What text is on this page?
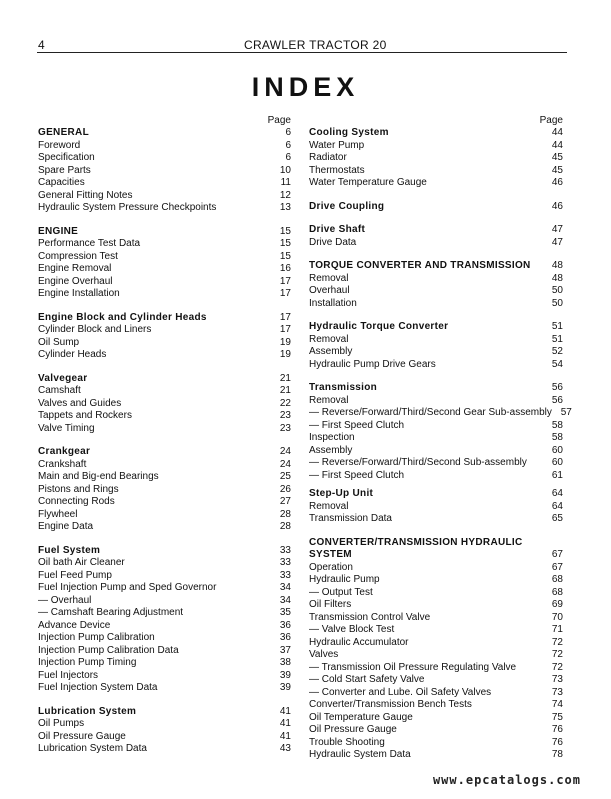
4	CRAWLER TRACTOR 20
INDEX
Page
GENERAL	6
Foreword	6
Specification	6
Spare Parts	10
Capacities	11
General Fitting Notes	12
Hydraulic System Pressure Checkpoints	13
ENGINE	15
Performance Test Data	15
Compression Test	15
Engine Removal	16
Engine Overhaul	17
Engine Installation	17
Engine Block and Cylinder Heads	17
Cylinder Block and Liners	17
Oil Sump	19
Cylinder Heads	19
Valvegear	21
Camshaft	21
Valves and Guides	22
Tappets and Rockers	23
Valve Timing	23
Crankgear	24
Crankshaft	24
Main and Big-end Bearings	25
Pistons and Rings	26
Connecting Rods	27
Flywheel	28
Engine Data	28
Fuel System	33
Oil bath Air Cleaner	33
Fuel Feed Pump	33
Fuel Injection Pump and Sped Governor	34
— Overhaul	34
— Camshaft Bearing Adjustment	35
Advance Device	36
Injection Pump Calibration	36
Injection Pump Calibration Data	37
Injection Pump Timing	38
Fuel Injectors	39
Fuel Injection System Data	39
Lubrication System	41
Oil Pumps	41
Oil Pressure Gauge	41
Lubrication System Data	43
Page
Cooling System	44
Water Pump	44
Radiator	45
Thermostats	45
Water Temperature Gauge	46
Drive Coupling	46
Drive Shaft	47
Drive Data	47
TORQUE CONVERTER AND TRANSMISSION	48
Removal	48
Overhaul	50
Installation	50
Hydraulic Torque Converter	51
Removal	51
Assembly	52
Hydraulic Pump Drive Gears	54
Transmission	56
Removal	56
— Reverse/Forward/Third/Second Gear Sub-assembly 57
— First Speed Clutch	58
Inspection	58
Assembly	60
— Reverse/Forward/Third/Second Sub-assembly	60
— First Speed Clutch	61
Step-Up Unit	64
Removal	64
Transmission Data	65
CONVERTER/TRANSMISSION HYDRAULIC
SYSTEM	67
Operation	67
Hydraulic Pump	68
— Output Test	68
Oil Filters	69
Transmission Control Valve	70
— Valve Block Test	71
Hydraulic Accumulator	72
Valves	72
— Transmission Oil Pressure Regulating Valve	72
— Cold Start Safety Valve	73
— Converter and Lube. Oil Safety Valves	73
Converter/Transmission Bench Tests	74
Oil Temperature Gauge	75
Oil Pressure Gauge	76
Trouble Shooting	76
Hydraulic System Data	78
www.epcatalogs.com
